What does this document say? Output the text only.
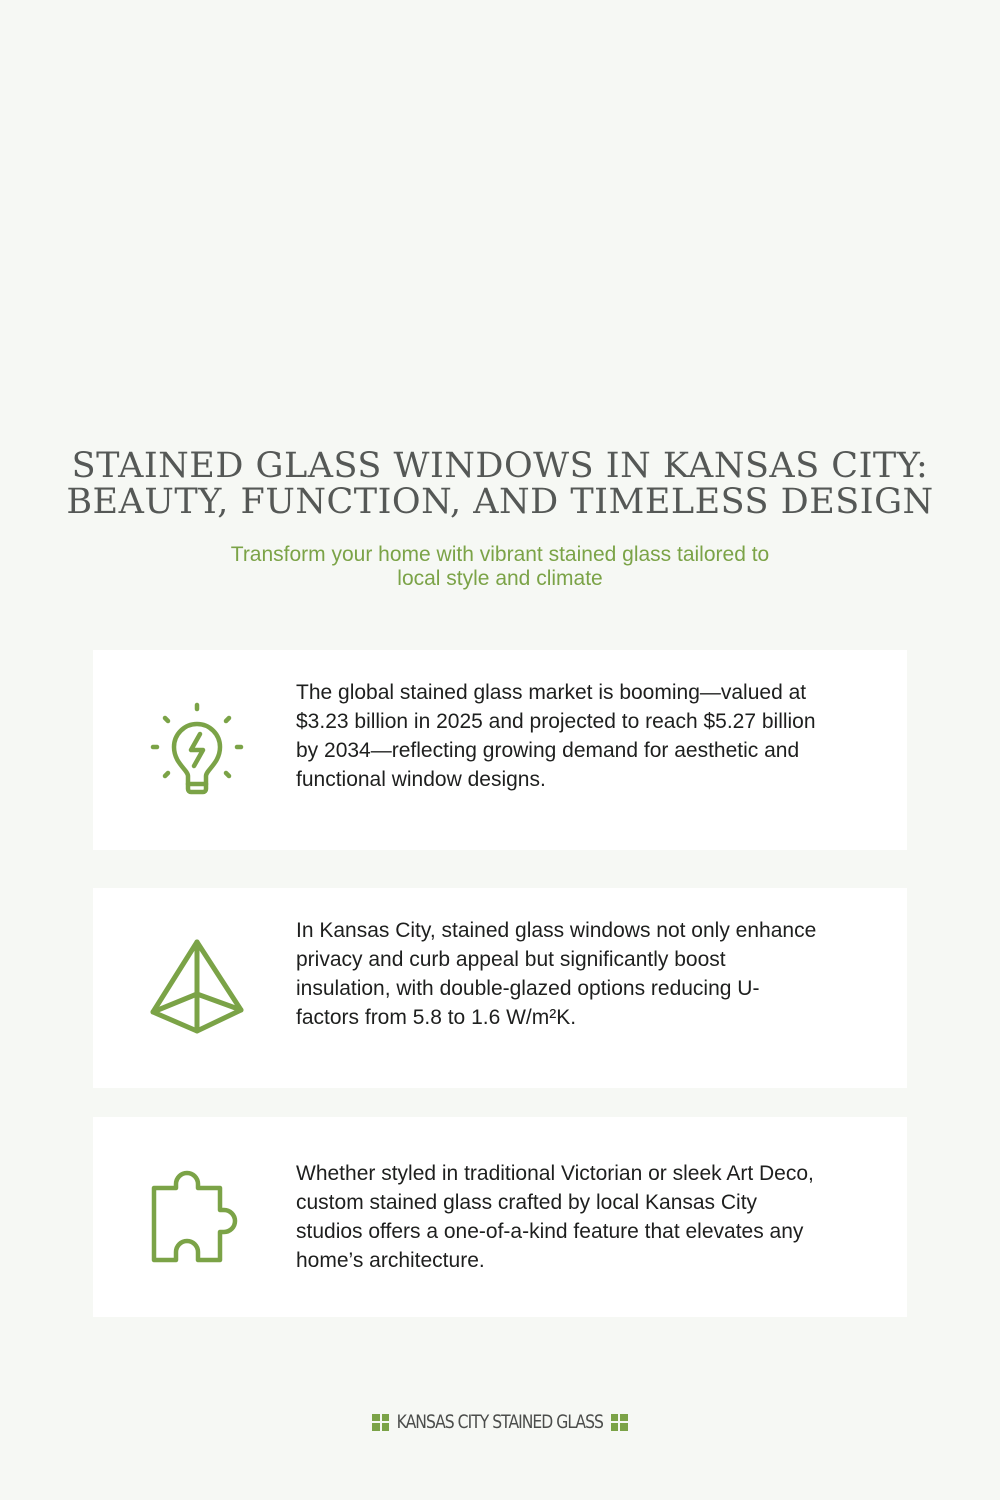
STAINED GLASS WINDOWS IN KANSAS CITY:
BEAUTY, FUNCTION, AND TIMELESS DESIGN

Transform your home with vibrant stained glass tailored to
local style and climate

The global stained glass market is booming—valued at $3.23 billion in 2025 and projected to reach $5.27 billion by 2034—reflecting growing demand for aesthetic and functional window designs.

In Kansas City, stained glass windows not only enhance privacy and curb appeal but significantly boost insulation, with double-glazed options reducing U-factors from 5.8 to 1.6 W/m²K.

Whether styled in traditional Victorian or sleek Art Deco, custom stained glass crafted by local Kansas City studios offers a one-of-a-kind feature that elevates any home’s architecture.

KANSAS CITY STAINED GLASS
